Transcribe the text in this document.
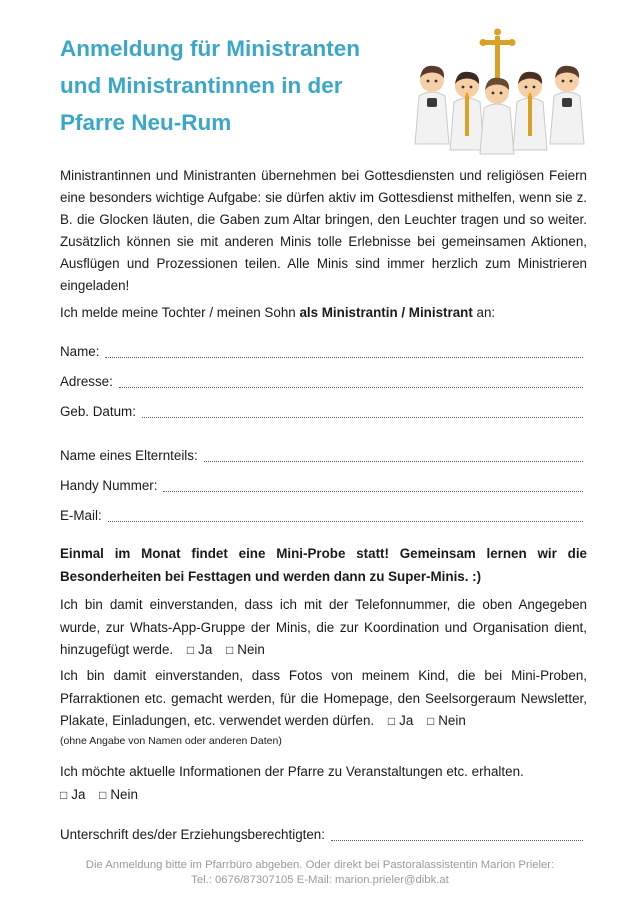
Anmeldung für Ministranten
und Ministrantinnen in der
Pfarre Neu-Rum
Ministrantinnen und Ministranten übernehmen bei Gottesdiensten und religiösen Feiern eine besonders wichtige Aufgabe: sie dürfen aktiv im Gottesdienst mithelfen, wenn sie z. B. die Glocken läuten, die Gaben zum Altar bringen, den Leuchter tragen und so weiter. Zusätzlich können sie mit anderen Minis tolle Erlebnisse bei gemeinsamen Aktionen, Ausflügen und Prozessionen teilen. Alle Minis sind immer herzlich zum Ministrieren eingeladen!
Ich melde meine Tochter / meinen Sohn als Ministrantin / Ministrant an:
Name:
Adresse:
Geb. Datum:
Name eines Elternteils:
Handy Nummer:
E-Mail:
Einmal im Monat findet eine Mini-Probe statt! Gemeinsam lernen wir die Besonderheiten bei Festtagen und werden dann zu Super-Minis. :)
Ich bin damit einverstanden, dass ich mit der Telefonnummer, die oben Angegeben wurde, zur Whats-App-Gruppe der Minis, die zur Koordination und Organisation dient, hinzugefügt werde. □ Ja □ Nein
Ich bin damit einverstanden, dass Fotos von meinem Kind, die bei Mini-Proben, Pfarraktionen etc. gemacht werden, für die Homepage, den Seelsorgeraum Newsletter, Plakate, Einladungen, etc. verwendet werden dürfen. □ Ja □ Nein
(ohne Angabe von Namen oder anderen Daten)
Ich möchte aktuelle Informationen der Pfarre zu Veranstaltungen etc. erhalten.
□ Ja □ Nein
Unterschrift des/der Erziehungsberechtigten:
Die Anmeldung bitte im Pfarrbüro abgeben. Oder direkt bei Pastoralassistentin Marion Prieler:
Tel.: 0676/87307105 E-Mail: marion.prieler@dibk.at
